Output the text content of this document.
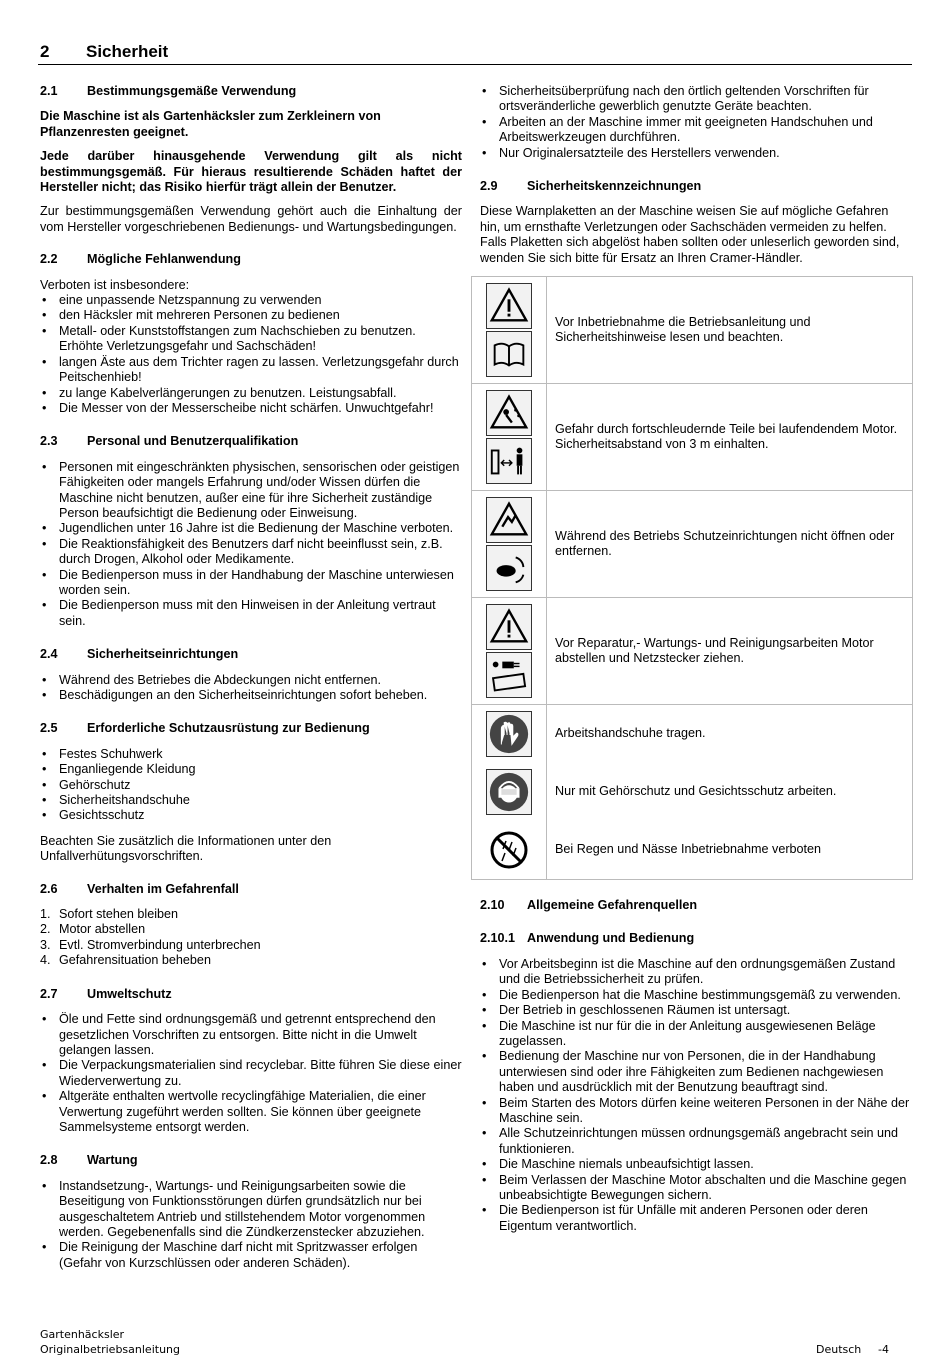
2 Sicherheit
2.1 Bestimmungsgemäße Verwendung

Die Maschine ist als Gartenhäcksler zum Zerkleinern von Pflanzenresten geeignet.

Jede darüber hinausgehende Verwendung gilt als nicht bestimmungsgemäß. Für hieraus resultierende Schäden haftet der Hersteller nicht; das Risiko hierfür trägt allein der Benutzer.

Zur bestimmungsgemäßen Verwendung gehört auch die Einhaltung der vom Hersteller vorgeschriebenen Bedienungs- und Wartungsbedingungen.

2.2 Mögliche Fehlanwendung
Verboten ist insbesondere:
• eine unpassende Netzspannung zu verwenden
• den Häcksler mit mehreren Personen zu bedienen
• Metall- oder Kunststoffstangen zum Nachschieben zu benutzen. Erhöhte Verletzungsgefahr und Sachschäden!
• langen Äste aus dem Trichter ragen zu lassen. Verletzungsgefahr durch Peitschenhieb!
• zu lange Kabelverlängerungen zu benutzen. Leistungsabfall.
• Die Messer von der Messerscheibe nicht schärfen. Unwuchtgefahr!
2.3 Personal und Benutzerqualifikation
• Personen mit eingeschränkten physischen, sensorischen oder geistigen Fähigkeiten oder mangels Erfahrung und/oder Wissen dürfen die Maschine nicht benutzen, außer eine für ihre Sicherheit zuständige Person beaufsichtigt die Bedienung oder Einweisung.
• Jugendlichen unter 16 Jahre ist die Bedienung der Maschine verboten.
• Die Reaktionsfähigkeit des Benutzers darf nicht beeinflusst sein, z.B. durch Drogen, Alkohol oder Medikamente.
• Die Bedienperson muss in der Handhabung der Maschine unterwiesen worden sein.
• Die Bedienperson muss mit den Hinweisen in der Anleitung vertraut sein.
2.4 Sicherheitseinrichtungen
• Während des Betriebes die Abdeckungen nicht entfernen.
• Beschädigungen an den Sicherheitseinrichtungen sofort beheben.
2.5 Erforderliche Schutzausrüstung zur Bedienung
• Festes Schuhwerk
• Enganliegende Kleidung
• Gehörschutz
• Sicherheitshandschuhe
• Gesichtsschutz

Beachten Sie zusätzlich die Informationen unter den Unfallverhütungsvorschriften.

2.6 Verhalten im Gefahrenfall
1. Sofort stehen bleiben
2. Motor abstellen
3. Evtl. Stromverbindung unterbrechen
4. Gefahrensituation beheben
2.7 Umweltschutz
• Öle und Fette sind ordnungsgemäß und getrennt entsprechend den gesetzlichen Vorschriften zu entsorgen. Bitte nicht in die Umwelt gelangen lassen.
• Die Verpackungsmaterialien sind recyclebar. Bitte führen Sie diese einer Wiederverwertung zu.
• Altgeräte enthalten wertvolle recyclingfähige Materialien, die einer Verwertung zugeführt werden sollten. Sie können über geeignete Sammelsysteme entsorgt werden.
2.8 Wartung
• Instandsetzung-, Wartungs- und Reinigungsarbeiten sowie die Beseitigung von Funktionsstörungen dürfen grundsätzlich nur bei ausgeschaltetem Antrieb und stillstehendem Motor vorgenommen werden. Gegebenenfalls sind die Zündkerzenstecker abzuziehen.
• Die Reinigung der Maschine darf nicht mit Spritzwasser erfolgen (Gefahr von Kurzschlüssen oder anderen Schäden).
• Sicherheitsüberprüfung nach den örtlich geltenden Vorschriften für ortsveränderliche gewerblich genutzte Geräte beachten.
• Arbeiten an der Maschine immer mit geeigneten Handschuhen und Arbeitswerkzeugen durchführen.
• Nur Originalersatzteile des Herstellers verwenden.
2.9 Sicherheitskennzeichnungen

Diese Warnplaketten an der Maschine weisen Sie auf mögliche Gefahren hin, um ernsthafte Verletzungen oder Sachschäden vermeiden zu helfen. Falls Plaketten sich abgelöst haben sollten oder unleserlich geworden sind, wenden Sie sich bitte für Ersatz an Ihren Cramer-Händler.

	Vor Inbetriebnahme die Betriebsanleitung und Sicherheitshinweise lesen und beachten.

	Gefahr durch fortschleudernde Teile bei laufendendem Motor. Sicherheitsabstand von 3 m einhalten.

	Während des Betriebs Schutzeinrichtungen nicht öffnen oder entfernen.

	Vor Reparatur,- Wartungs- und Reinigungsarbeiten Motor abstellen und Netzstecker ziehen.

	Arbeitshandschuhe tragen.

	Nur mit Gehörschutz und Gesichtsschutz arbeiten.

	Bei Regen und Nässe Inbetriebnahme verboten
2.10 Allgemeine Gefahrenquellen
2.10.1 Anwendung und Bedienung
• Vor Arbeitsbeginn ist die Maschine auf den ordnungsgemäßen Zustand und die Betriebssicherheit zu prüfen.
• Die Bedienperson hat die Maschine bestimmungsgemäß zu verwenden.
• Der Betrieb in geschlossenen Räumen ist untersagt.
• Die Maschine ist nur für die in der Anleitung ausgewiesenen Beläge zugelassen.
• Bedienung der Maschine nur von Personen, die in der Handhabung unterwiesen sind oder ihre Fähigkeiten zum Bedienen nachgewiesen haben und ausdrücklich mit der Benutzung beauftragt sind.
• Beim Starten des Motors dürfen keine weiteren Personen in der Nähe der Maschine sein.
• Alle Schutzeinrichtungen müssen ordnungsgemäß angebracht sein und funktionieren.
• Die Maschine niemals unbeaufsichtigt lassen.
• Beim Verlassen der Maschine Motor abschalten und die Maschine gegen unbeabsichtigte Bewegungen sichern.
• Die Bedienperson ist für Unfälle mit anderen Personen oder deren Eigentum verantwortlich.
Gartenhäcksler
Originalbetriebsanleitung	Deutsch -4
